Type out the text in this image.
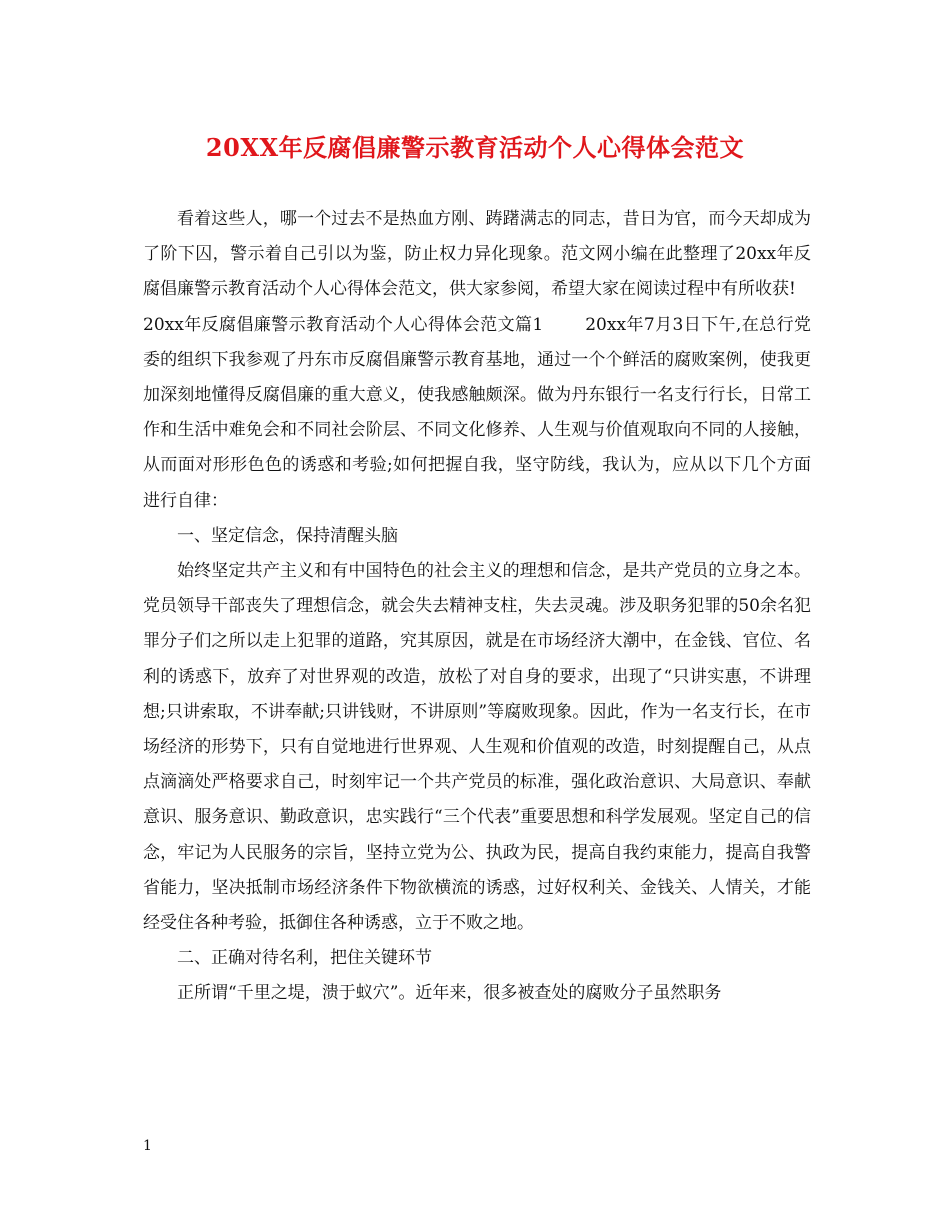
20XX年反腐倡廉警示教育活动个人心得体会范文

看着这些人，哪一个过去不是热血方刚、踌躇满志的同志，昔日为官，而今天却成为了阶下囚，警示着自己引以为鉴，防止权力异化现象。范文网小编在此整理了20xx年反腐倡廉警示教育活动个人心得体会范文，供大家参阅，希望大家在阅读过程中有所收获!

20xx年反腐倡廉警示教育活动个人心得体会范文篇1 20xx年7月3日下午,在总行党委的组织下我参观了丹东市反腐倡廉警示教育基地，通过一个个鲜活的腐败案例，使我更加深刻地懂得反腐倡廉的重大意义，使我感触颇深。做为丹东银行一名支行行长，日常工作和生活中难免会和不同社会阶层、不同文化修养、人生观与价值观取向不同的人接触，从而面对形形色色的诱惑和考验;如何把握自我，坚守防线，我认为，应从以下几个方面进行自律：

一、坚定信念，保持清醒头脑

始终坚定共产主义和有中国特色的社会主义的理想和信念，是共产党员的立身之本。党员领导干部丧失了理想信念，就会失去精神支柱，失去灵魂。涉及职务犯罪的50余名犯罪分子们之所以走上犯罪的道路，究其原因，就是在市场经济大潮中，在金钱、官位、名利的诱惑下，放弃了对世界观的改造，放松了对自身的要求，出现了“只讲实惠，不讲理想;只讲索取，不讲奉献;只讲钱财，不讲原则”等腐败现象。因此，作为一名支行长，在市场经济的形势下，只有自觉地进行世界观、人生观和价值观的改造，时刻提醒自己，从点点滴滴处严格要求自己，时刻牢记一个共产党员的标准，强化政治意识、大局意识、奉献意识、服务意识、勤政意识，忠实践行“三个代表”重要思想和科学发展观。坚定自己的信念，牢记为人民服务的宗旨，坚持立党为公、执政为民，提高自我约束能力，提高自我警省能力，坚决抵制市场经济条件下物欲横流的诱惑，过好权利关、金钱关、人情关，才能经受住各种考验，抵御住各种诱惑，立于不败之地。

二、正确对待名利，把住关键环节

正所谓“千里之堤，溃于蚁穴”。近年来，很多被查处的腐败分子虽然职务

1
